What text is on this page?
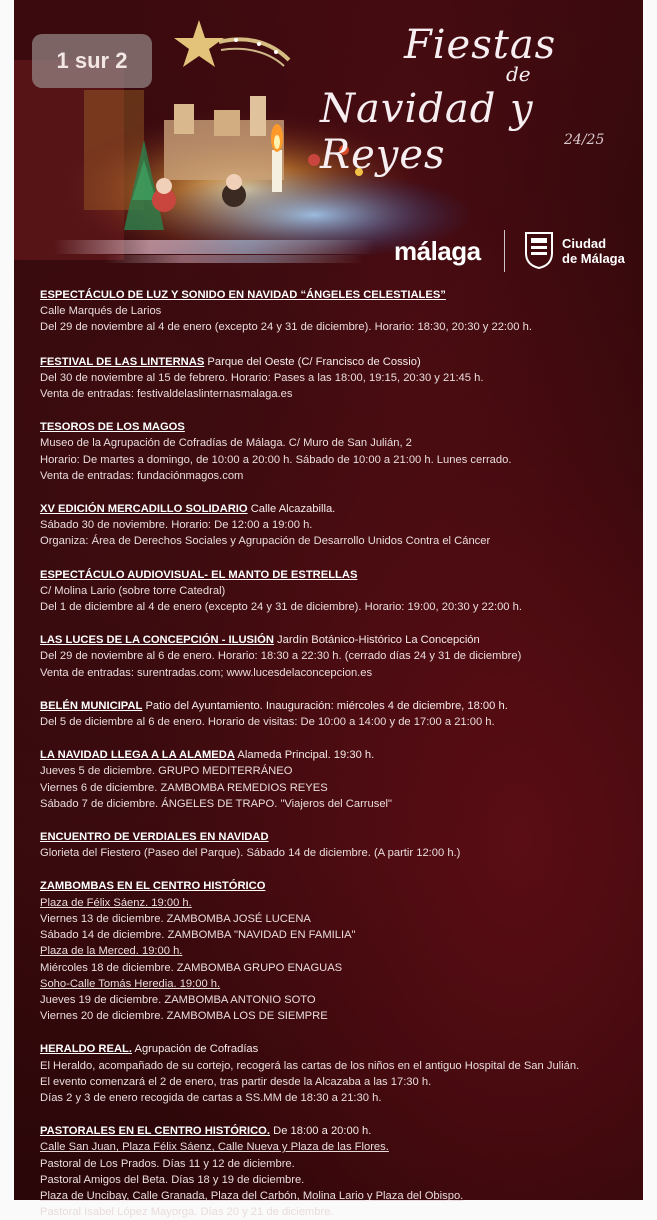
1 sur 2	Fiestas
de
Navidad y Reyes	24/25
málaga	Ciudad
de Málaga
ESPECTÁCULO DE LUZ Y SONIDO EN NAVIDAD “ÁNGELES CELESTIALES”
Calle Marqués de Larios
Del 29 de noviembre al 4 de enero (excepto 24 y 31 de diciembre). Horario: 18:30, 20:30 y 22:00 h.
FESTIVAL DE LAS LINTERNAS Parque del Oeste (C/ Francisco de Cossio)
Del 30 de noviembre al 15 de febrero. Horario: Pases a las 18:00, 19:15, 20:30 y 21:45 h.
Venta de entradas: festivaldelaslinternasmalaga.es
TESOROS DE LOS MAGOS
Museo de la Agrupación de Cofradías de Málaga. C/ Muro de San Julián, 2
Horario: De martes a domingo, de 10:00 a 20:00 h. Sábado de 10:00 a 21:00 h. Lunes cerrado.
Venta de entradas: fundaciónmagos.com
XV EDICIÓN MERCADILLO SOLIDARIO Calle Alcazabilla.
Sábado 30 de noviembre. Horario: De 12:00 a 19:00 h.
Organiza: Área de Derechos Sociales y Agrupación de Desarrollo Unidos Contra el Cáncer
ESPECTÁCULO AUDIOVISUAL- EL MANTO DE ESTRELLAS
C/ Molina Lario (sobre torre Catedral)
Del 1 de diciembre al 4 de enero (excepto 24 y 31 de diciembre). Horario: 19:00, 20:30 y 22:00 h.
LAS LUCES DE LA CONCEPCIÓN - ILUSIÓN Jardín Botánico-Histórico La Concepción
Del 29 de noviembre al 6 de enero. Horario: 18:30 a 22:30 h. (cerrado días 24 y 31 de diciembre)
Venta de entradas: surentradas.com; www.lucesdelaconcepcion.es
BELÉN MUNICIPAL Patio del Ayuntamiento. Inauguración: miércoles 4 de diciembre, 18:00 h.
Del 5 de diciembre al 6 de enero. Horario de visitas: De 10:00 a 14:00 y de 17:00 a 21:00 h.
LA NAVIDAD LLEGA A LA ALAMEDA Alameda Principal. 19:30 h.
Jueves 5 de diciembre. GRUPO MEDITERRÁNEO
Viernes 6 de diciembre. ZAMBOMBA REMEDIOS REYES
Sábado 7 de diciembre. ÁNGELES DE TRAPO. "Viajeros del Carrusel"
ENCUENTRO DE VERDIALES EN NAVIDAD
Glorieta del Fiestero (Paseo del Parque). Sábado 14 de diciembre. (A partir 12:00 h.)
ZAMBOMBAS EN EL CENTRO HISTÓRICO
Plaza de Félix Sáenz. 19:00 h.
Viernes 13 de diciembre. ZAMBOMBA JOSÉ LUCENA
Sábado 14 de diciembre. ZAMBOMBA "NAVIDAD EN FAMILIA"
Plaza de la Merced. 19:00 h.
Miércoles 18 de diciembre. ZAMBOMBA GRUPO ENAGUAS
Soho-Calle Tomás Heredia. 19:00 h.
Jueves 19 de diciembre. ZAMBOMBA ANTONIO SOTO
Viernes 20 de diciembre. ZAMBOMBA LOS DE SIEMPRE
HERALDO REAL. Agrupación de Cofradías
El Heraldo, acompañado de su cortejo, recogerá las cartas de los niños en el antiguo Hospital de San Julián.
El evento comenzará el 2 de enero, tras partir desde la Alcazaba a las 17:30 h.
Días 2 y 3 de enero recogida de cartas a SS.MM de 18:30 a 21:30 h.
PASTORALES EN EL CENTRO HISTÓRICO. De 18:00 a 20:00 h.
Calle San Juan, Plaza Félix Sáenz, Calle Nueva y Plaza de las Flores.
Pastoral de Los Prados. Días 11 y 12 de diciembre.
Pastoral Amigos del Beta. Días 18 y 19 de diciembre.
Plaza de Uncibay, Calle Granada, Plaza del Carbón, Molina Lario y Plaza del Obispo.
Pastoral Isabel López Mayorga. Días 20 y 21 de diciembre.
